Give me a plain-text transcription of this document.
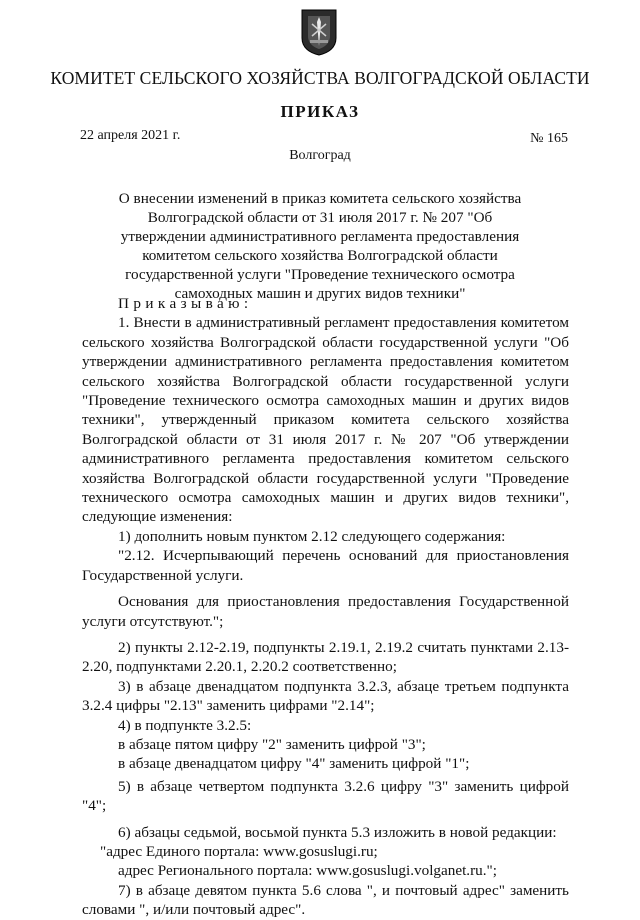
КОМИТЕТ СЕЛЬСКОГО ХОЗЯЙСТВА ВОЛГОГРАДСКОЙ ОБЛАСТИ
ПРИКАЗ
22 апреля 2021 г.	№ 165
Волгоград
О внесении изменений в приказ комитета сельского хозяйства Волгоградской области от 31 июля 2017 г. № 207 "Об утверждении административного регламента предоставления комитетом сельского хозяйства Волгоградской области государственной услуги "Проведение технического осмотра самоходных машин и других видов техники"

Приказываю:

1. Внести в административный регламент предоставления комитетом сельского хозяйства Волгоградской области государственной услуги "Об утверждении административного регламента предоставления комитетом сельского хозяйства Волгоградской области государственной услуги "Проведение технического осмотра самоходных машин и других видов техники", утвержденный приказом комитета сельского хозяйства Волгоградской области от 31 июля 2017 г. № 207 "Об утверждении административного регламента предоставления комитетом сельского хозяйства Волгоградской области государственной услуги "Проведение технического осмотра самоходных машин и других видов техники", следующие изменения:

1) дополнить новым пунктом 2.12 следующего содержания:

"2.12. Исчерпывающий перечень оснований для приостановления Государственной услуги.

Основания для приостановления предоставления Государственной услуги отсутствуют.";

2) пункты 2.12-2.19, подпункты 2.19.1, 2.19.2 считать пунктами 2.13-2.20, подпунктами 2.20.1, 2.20.2 соответственно;

3) в абзаце двенадцатом подпункта 3.2.3, абзаце третьем подпункта 3.2.4 цифры "2.13" заменить цифрами "2.14";

4) в подпункте 3.2.5:

в абзаце пятом цифру "2" заменить цифрой "3";

в абзаце двенадцатом цифру "4" заменить цифрой "1";

5) в абзаце четвертом подпункта 3.2.6 цифру "3" заменить цифрой "4";

6) абзацы седьмой, восьмой пункта 5.3 изложить в новой редакции:

"адрес Единого портала: www.gosuslugi.ru;

адрес Регионального портала: www.gosuslugi.volganet.ru.";

7) в абзаце девятом пункта 5.6 слова ", и почтовый адрес" заменить словами ", и/или почтовый адрес".
